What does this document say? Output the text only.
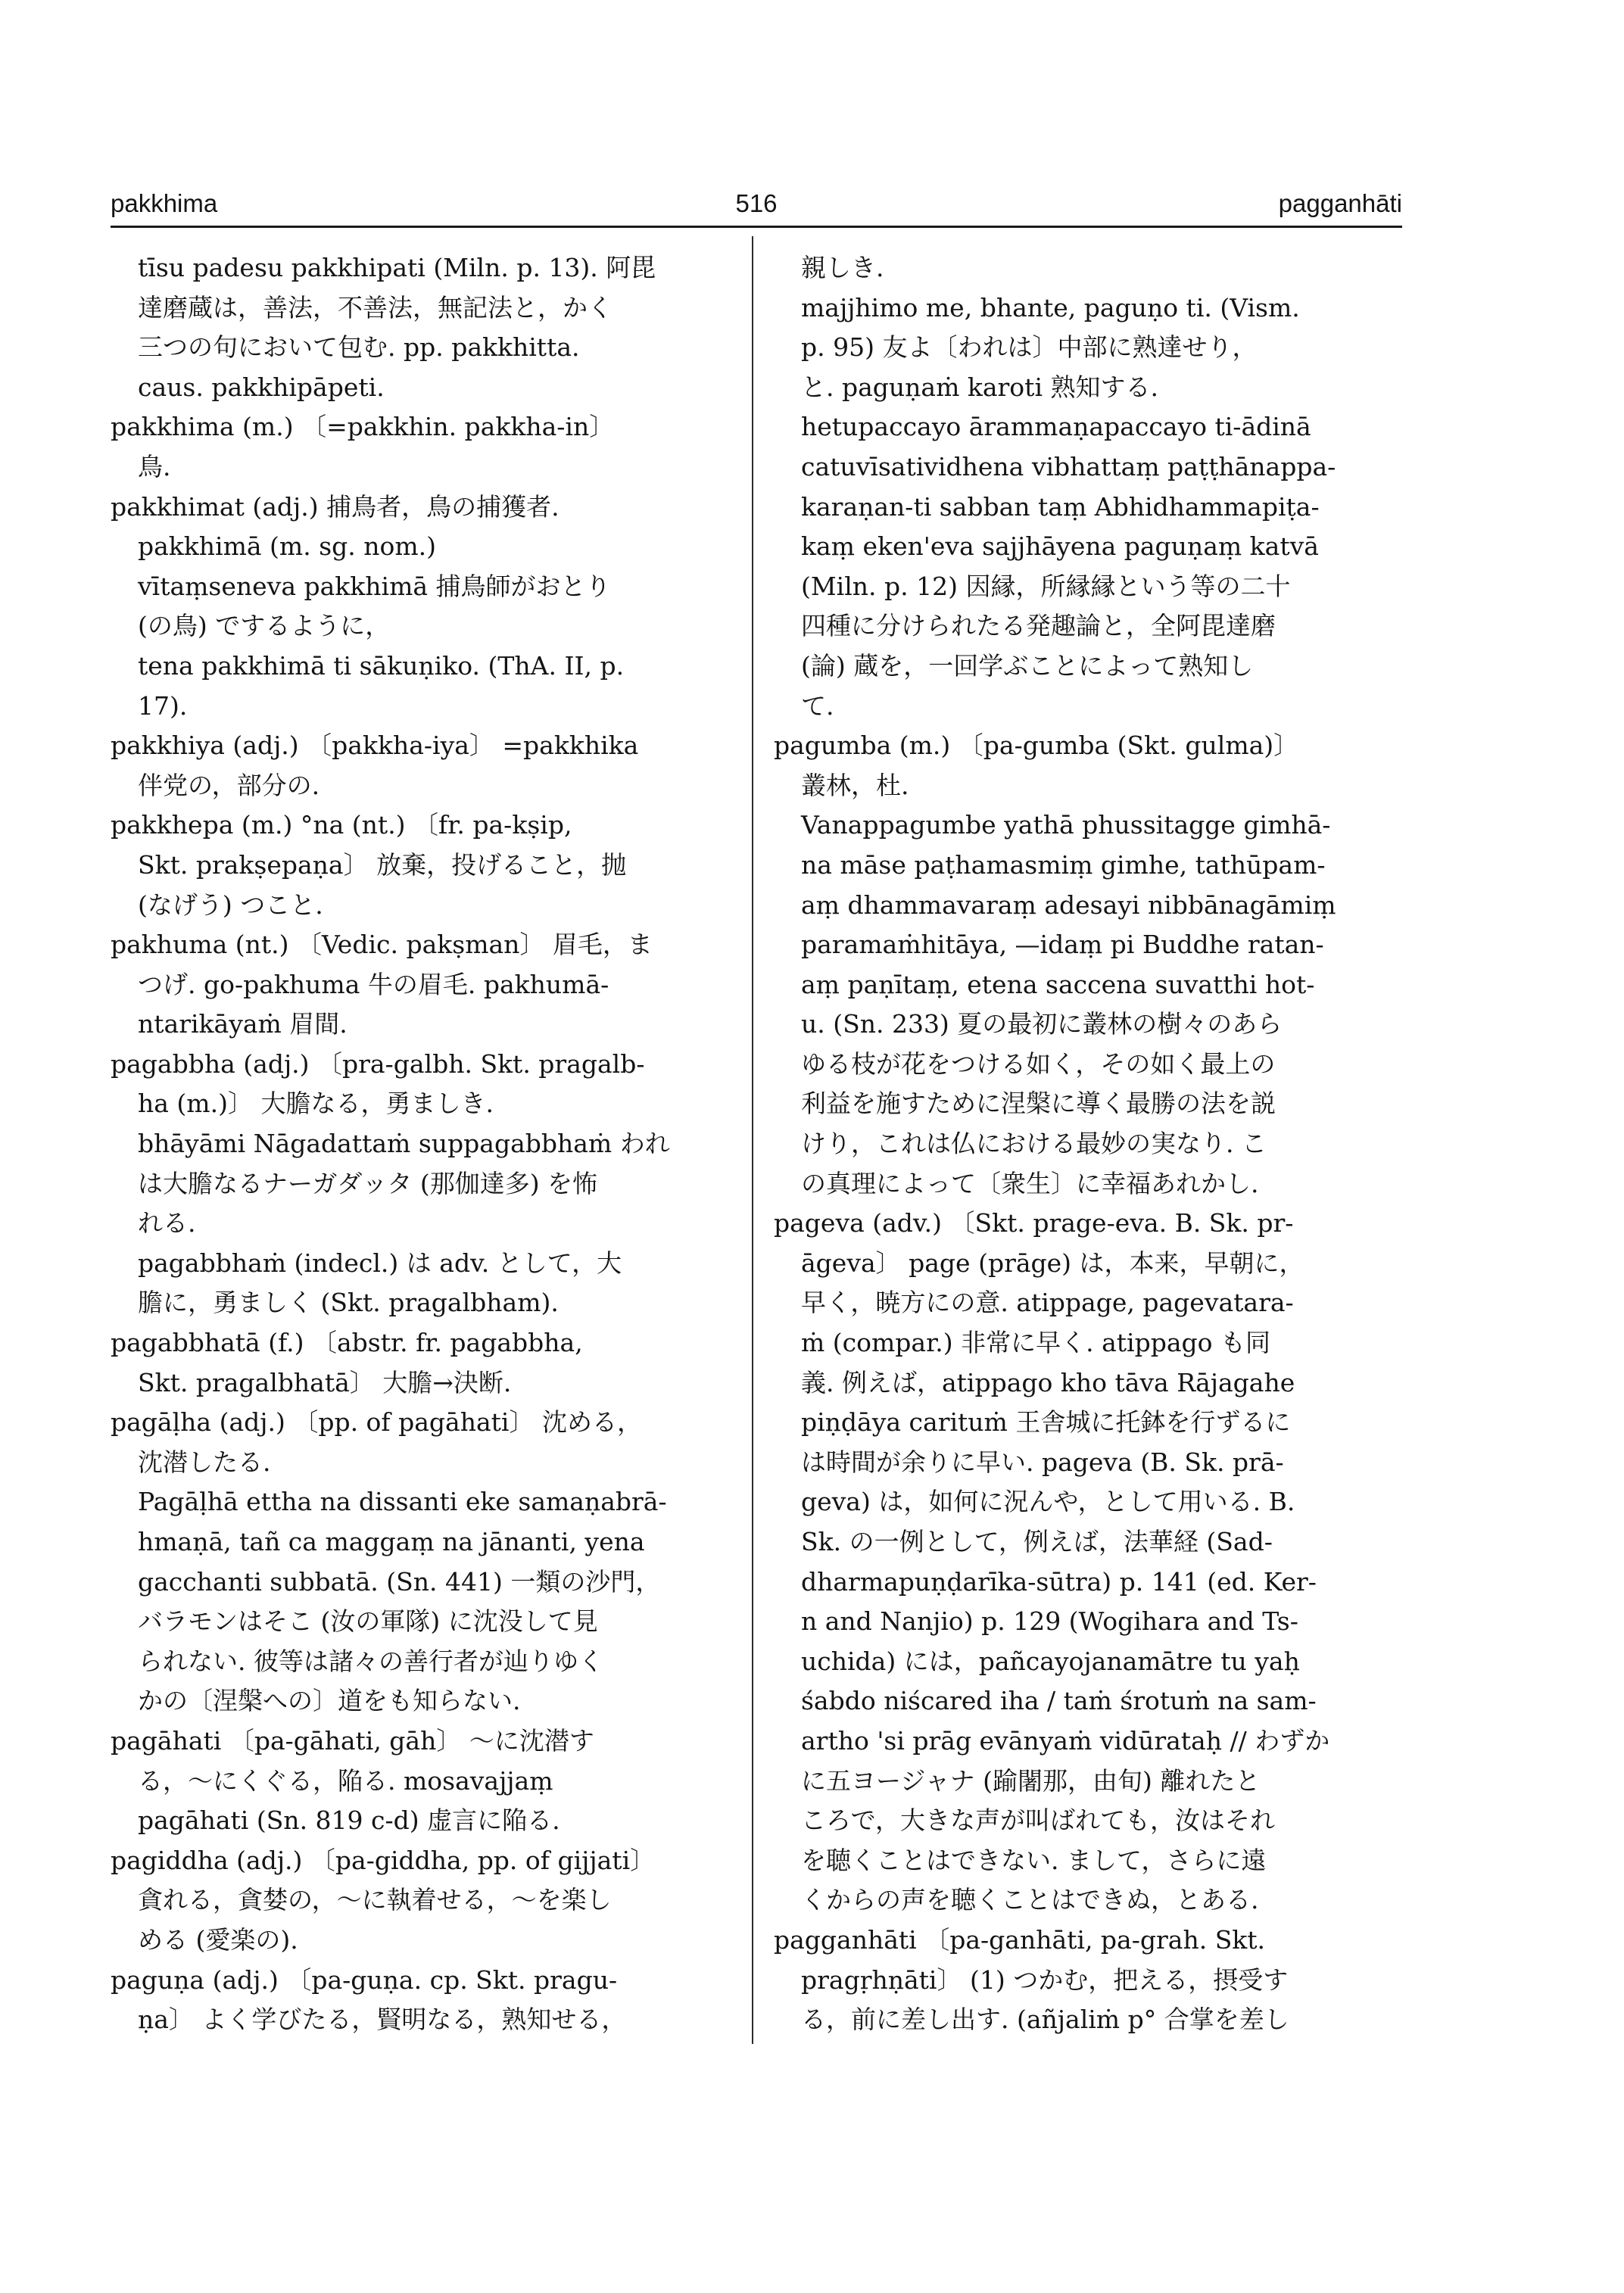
pakkhima	516	pagganhāti
tīsu padesu pakkhipati (Miln. p. 13). 阿毘
達磨蔵は，善法，不善法，無記法と，かく
三つの句において包む. pp. pakkhitta.
caus. pakkhipāpeti.
pakkhima (m.) 〔=pakkhin. pakkha-in〕
鳥.
pakkhimat (adj.) 捕鳥者，鳥の捕獲者.
pakkhimā (m. sg. nom.)
vītaṃseneva pakkhimā 捕鳥師がおとり
(の鳥) でするように，
tena pakkhimā ti sākuṇiko. (ThA. II, p.
17).
pakkhiya (adj.) 〔pakkha-iya〕 =pakkhika
伴党の，部分の.
pakkhepa (m.) °na (nt.) 〔fr. pa-kṣip,
Skt. prakṣepaṇa〕 放棄，投げること，抛
(なげう) つこと.
pakhuma (nt.) 〔Vedic. pakṣman〕 眉毛，ま
つげ. go-pakhuma 牛の眉毛. pakhumā-
ntarikāyaṁ 眉間.
pagabbha (adj.) 〔pra-galbh. Skt. pragalb-
ha (m.)〕 大膽なる，勇ましき.
bhāyāmi Nāgadattaṁ suppagabbhaṁ われ
は大膽なるナーガダッタ (那伽達多) を怖
れる.
pagabbhaṁ (indecl.) は adv. として，大
膽に，勇ましく (Skt. pragalbham).
pagabbhatā (f.) 〔abstr. fr. pagabbha,
Skt. pragalbhatā〕 大膽→決断.
pagāḷha (adj.) 〔pp. of pagāhati〕 沈める，
沈潜したる.
Pagāḷhā ettha na dissanti eke samaṇabrā-
hmaṇā, tañ ca maggaṃ na jānanti, yena
gacchanti subbatā. (Sn. 441) 一類の沙門，
バラモンはそこ (汝の軍隊) に沈没して見
られない. 彼等は諸々の善行者が辿りゆく
かの〔涅槃への〕道をも知らない.
pagāhati 〔pa-gāhati, gāh〕 ～に沈潜す
る，～にくぐる，陥る. mosavajjaṃ
pagāhati (Sn. 819 c-d) 虚言に陥る.
pagiddha (adj.) 〔pa-giddha, pp. of gijjati〕
貪れる，貪婪の，～に執着せる，～を楽し
める (愛楽の).
paguṇa (adj.) 〔pa-guṇa. cp. Skt. pragu-
ṇa〕 よく学びたる，賢明なる，熟知せる，
親しき.
majjhimo me, bhante, paguṇo ti. (Vism.
p. 95) 友よ〔われは〕中部に熟達せり，
と. paguṇaṁ karoti 熟知する.
hetupaccayo ārammaṇapaccayo ti-ādinā
catuvīsatividhena vibhattaṃ paṭṭhānappa-
karaṇan-ti sabban taṃ Abhidhammapiṭa-
kaṃ eken'eva sajjhāyena paguṇaṃ katvā
(Miln. p. 12) 因縁，所縁縁という等の二十
四種に分けられたる発趣論と，全阿毘達磨
(論) 蔵を，一回学ぶことによって熟知し
て.
pagumba (m.) 〔pa-gumba (Skt. gulma)〕
叢林，杜.
Vanappagumbe yathā phussitagge gimhā-
na māse paṭhamasmiṃ gimhe, tathūpam-
aṃ dhammavaraṃ adesayi nibbānagāmiṃ
paramaṁhitāya, —idaṃ pi Buddhe ratan-
aṃ paṇītaṃ, etena saccena suvatthi hot-
u. (Sn. 233) 夏の最初に叢林の樹々のあら
ゆる枝が花をつける如く，その如く最上の
利益を施すために涅槃に導く最勝の法を説
けり，これは仏における最妙の実なり. こ
の真理によって〔衆生〕に幸福あれかし.
pageva (adv.) 〔Skt. prage-eva. B. Sk. pr-
āgeva〕 page (prāge) は，本来，早朝に，
早く，暁方にの意. atippage, pagevatara-
ṁ (compar.) 非常に早く. atippago も同
義. 例えば，atippago kho tāva Rājagahe
piṇḍāya carituṁ 王舎城に托鉢を行ずるに
は時間が余りに早い. pageva (B. Sk. prā-
geva) は，如何に況んや，として用いる. B.
Sk. の一例として，例えば，法華経 (Sad-
dharmapuṇḍarīka-sūtra) p. 141 (ed. Ker-
n and Nanjio) p. 129 (Wogihara and Ts-
uchida) には，pañcayojanamātre tu yaḥ
śabdo niścared iha / taṁ śrotuṁ na sam-
artho 'si prāg evānyaṁ vidūrataḥ // わずか
に五ヨージャナ (踰闍那，由旬) 離れたと
ころで，大きな声が叫ばれても，汝はそれ
を聴くことはできない. まして，さらに遠
くからの声を聴くことはできぬ，とある.
pagganhāti 〔pa-ganhāti, pa-grah. Skt.
pragṛhṇāti〕 (1) つかむ，把える，摂受す
る，前に差し出す. (añjaliṁ p° 合掌を差し
